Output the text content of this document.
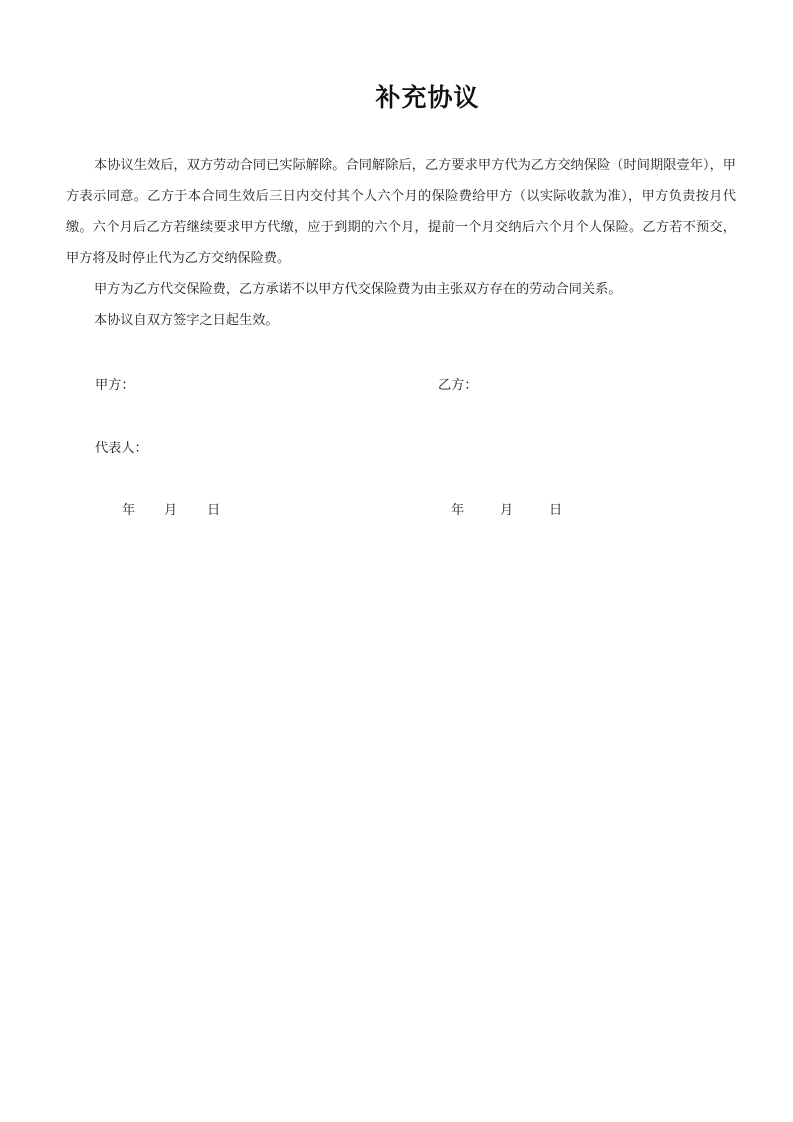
补充协议

本协议生效后，双方劳动合同已实际解除。合同解除后，乙方要求甲方代为乙方交纳保险（时间期限壹年），甲方表示同意。乙方于本合同生效后三日内交付其个人六个月的保险费给甲方（以实际收款为准），甲方负责按月代缴。六个月后乙方若继续要求甲方代缴，应于到期的六个月，提前一个月交纳后六个月个人保险。乙方若不预交，甲方将及时停止代为乙方交纳保险费。

甲方为乙方代交保险费，乙方承诺不以甲方代交保险费为由主张双方存在的劳动合同关系。

本协议自双方签字之日起生效。

甲方：	乙方：
代表人：
年 月 日	年	月	日
